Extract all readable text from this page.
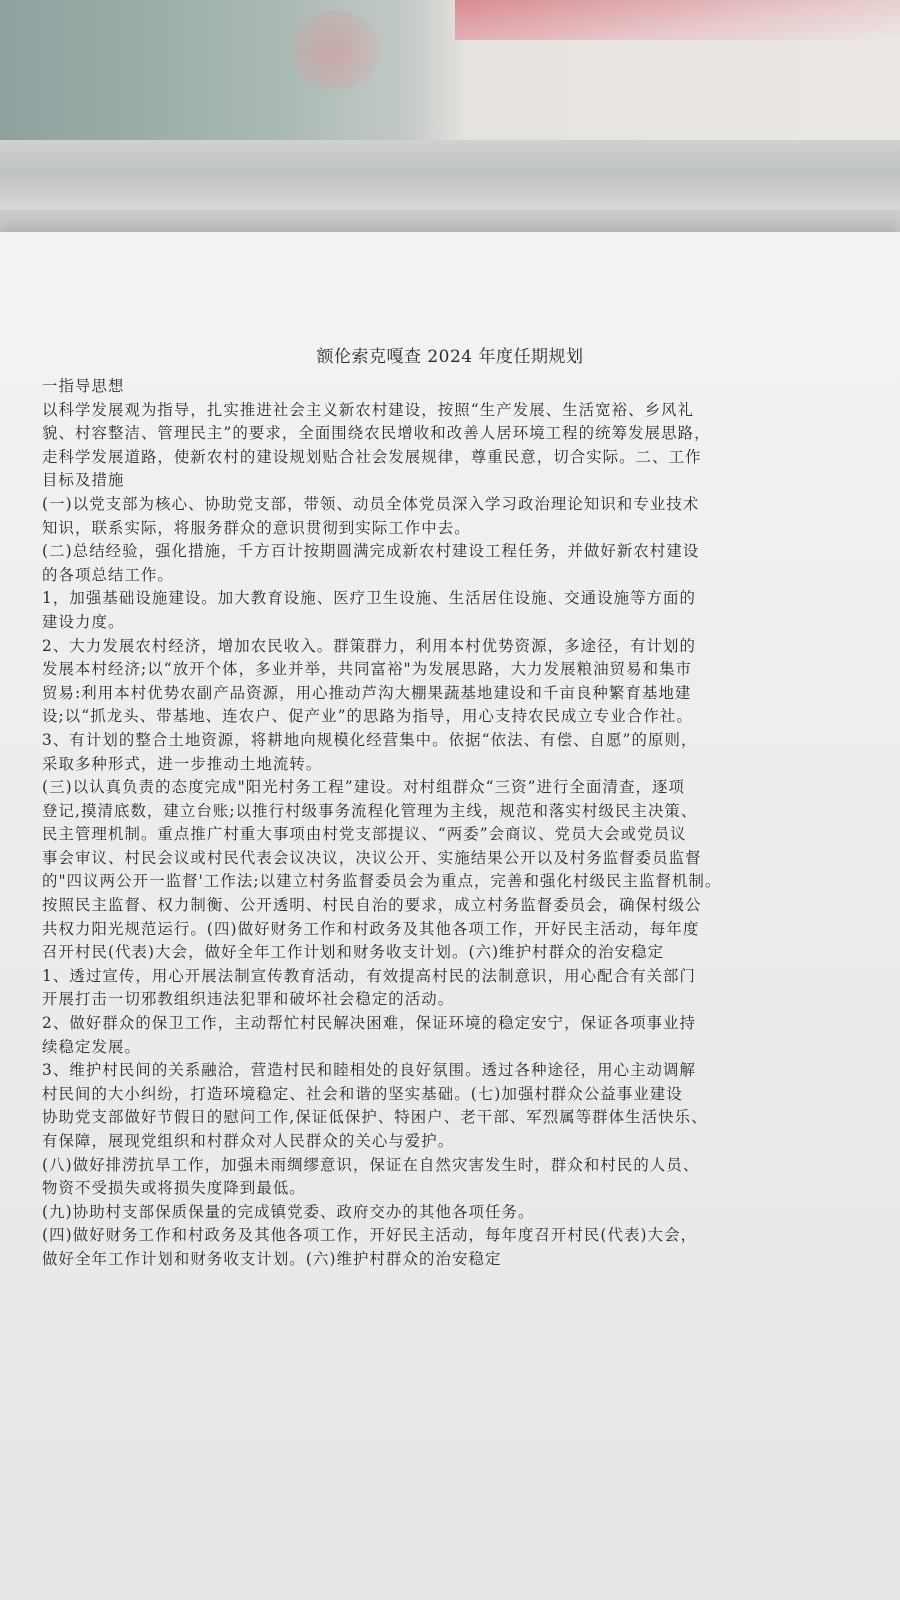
额伦索克嘎查 2024 年度任期规划

一指导思想

以科学发展观为指导，扎实推进社会主义新农村建设，按照“生产发展、生活宽裕、乡风礼

貌、村容整洁、管理民主”的要求，全面围绕农民增收和改善人居环境工程的统筹发展思路，

走科学发展道路，使新农村的建设规划贴合社会发展规律，尊重民意，切合实际。二、工作

目标及措施

(一)以党支部为核心、协助党支部，带领、动员全体党员深入学习政治理论知识和专业技术

知识，联系实际，将服务群众的意识贯彻到实际工作中去。

(二)总结经验，强化措施，千方百计按期圆满完成新农村建设工程任务，并做好新农村建设

的各项总结工作。

1，加强基础设施建设。加大教育设施、医疗卫生设施、生活居住设施、交通设施等方面的

建设力度。

2、大力发展农村经济，增加农民收入。群策群力，利用本村优势资源，多途径，有计划的

发展本村经济;以“放开个体，多业并举，共同富裕"为发展思路，大力发展粮油贸易和集市

贸易:利用本村优势农副产品资源，用心推动芦沟大棚果蔬基地建设和千亩良种繁育基地建

设;以“抓龙头、带基地、连农户、促产业”的思路为指导，用心支持农民成立专业合作社。

3、有计划的整合土地资源，将耕地向规模化经营集中。依据“依法、有偿、自愿”的原则，

采取多种形式，进一步推动土地流转。

(三)以认真负责的态度完成"阳光村务工程”建设。对村组群众“三资”进行全面清查，逐项

登记,摸清底数，建立台账;以推行村级事务流程化管理为主线，规范和落实村级民主决策、

民主管理机制。重点推广村重大事项由村党支部提议、“两委”会商议、党员大会或党员议

事会审议、村民会议或村民代表会议决议，决议公开、实施结果公开以及村务监督委员监督

的"四议两公开一监督'工作法;以建立村务监督委员会为重点，完善和强化村级民主监督机制。

按照民主监督、权力制衡、公开透明、村民自治的要求，成立村务监督委员会，确保村级公

共权力阳光规范运行。(四)做好财务工作和村政务及其他各项工作，开好民主活动，每年度

召开村民(代表)大会，做好全年工作计划和财务收支计划。(六)维护村群众的治安稳定

1、透过宣传，用心开展法制宣传教育活动，有效提高村民的法制意识，用心配合有关部门

开展打击一切邪教组织违法犯罪和破坏社会稳定的活动。

2、做好群众的保卫工作，主动帮忙村民解决困难，保证环境的稳定安宁，保证各项事业持

续稳定发展。

3、维护村民间的关系融洽，营造村民和睦相处的良好氛围。透过各种途径，用心主动调解

村民间的大小纠纷，打造环境稳定、社会和谐的坚实基础。(七)加强村群众公益事业建设

协助党支部做好节假日的慰问工作,保证低保护、特困户、老干部、军烈属等群体生活快乐、

有保障，展现党组织和村群众对人民群众的关心与爱护。

(八)做好排涝抗旱工作，加强未雨绸缪意识，保证在自然灾害发生时，群众和村民的人员、

物资不受损失或将损失度降到最低。

(九)协助村支部保质保量的完成镇党委、政府交办的其他各项任务。

(四)做好财务工作和村政务及其他各项工作，开好民主活动，每年度召开村民(代表)大会，

做好全年工作计划和财务收支计划。(六)维护村群众的治安稳定
